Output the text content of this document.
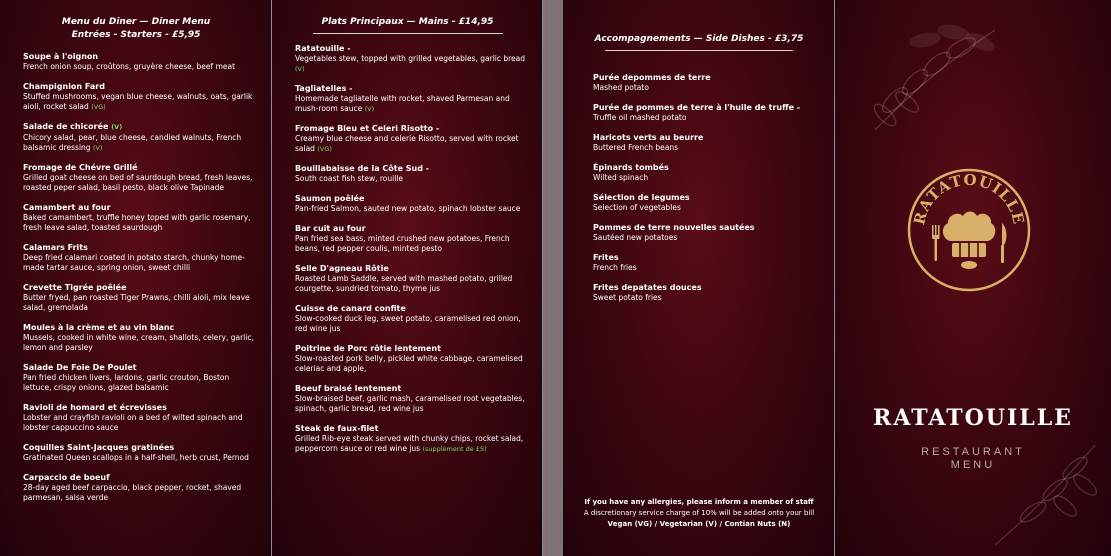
Menu du Diner — Diner Menu
Entrées - Starters - £5,95
Soupe à l'oignon
French onion soup, croûtons, gruyère cheese, beef meat
Champignion Fard
Stuffed mushrooms, vegan blue cheese, walnuts, oats, garlik aioli, rocket salad (VG)
Salade de chicorée (V)
Chicory salad, pear, blue cheese, candied walnuts, French balsamic dressing (V)
Fromage de Chévre Grillé
Grilled goat cheese on bed of saurdough bread, fresh leaves, roasted peper salad, basil pesto, black olive Tapinade
Camambert au four
Baked camambert, truffle honey toped with garlic rosemary, fresh leave salad, toasted saurdough
Calamars Frits
Deep fried calamari coated in potato starch, chunky home-made tartar sauce, spring onion, sweet chilli
Crevette Tigrée poêlée
Butter fryed, pan roasted Tiger Prawns, chilli aioli, mix leave salad, gremolada
Moules à la crème et au vin blanc
Mussels, cooked in white wine, cream, shallots, celery, garlic, lemon and parsley
Salade De Foie De Poulet
Pan fried chicken livers, lardons, garlic crouton, Boston lettuce, crispy onions, glazed balsamic
Ravioli de homard et écrevisses
Lobster and crayfish ravioli on a bed of wilted spinach and lobster cappuccino sauce
Coquilles Saint-Jacques gratinées
Gratinated Queen scallops in a half-shell, herb crust, Pernod
Carpaccio de boeuf
28-day aged beef carpaccio, black pepper, rocket, shaved parmesan, salsa verde
Plats Principaux — Mains - £14,95
Ratatouille -
Vegetables stew, topped with grilled vegetables, garlic bread (V)
Tagliatelles -
Homemade tagliatelle with rocket, shaved Parmesan and mush-room sauce (V)
Fromage Bleu et Celeri Risotto -
Creamy blue cheese and celerie Risotto, served with rocket salad (VG)
Bouillabaisse de la Côte Sud -
South coast fish stew, rouille
Saumon poêlée
Pan-fried Salmon, sauted new potato, spinach lobster sauce
Bar cuit au four
Pan fried sea bass, minted crushed new potatoes, French beans, red pepper coulis, minted pesto
Selle D'agneau Rôtie
Roasted Lamb Saddle, served with mashed potato, grilled courgette, sundried tomato, thyme jus
Cuisse de canard confite
Slow-cooked duck leg, sweet potato, caramelised red onion, red wine jus
Poitrine de Porc rôtie lentement
Slow-roasted pork belly, pickled white cabbage, caramelised celeriac and apple,
Boeuf braisé lentement
Slow-braised beef, garlic mash, caramelised root vegetables, spinach, garlic bread, red wine jus
Steak de faux-filet
Grilled Rib-eye steak served with chunky chips, rocket salad, peppercorn sauce or red wine jus (supplément de £5)
Accompagnements — Side Dishes - £3,75
Purée depommes de terre
Mashed potato
Purée de pommes de terre à l'huile de truffe -
Truffle oil mashed potato
Haricots verts au beurre
Buttered French beans
Épinards tombés
Wilted spinach
Sélection de legumes
Selection of vegetables
Pommes de terre nouvelles sautées
Sautéed new potatoes
Frites
French fries
Frites depatates douces
Sweet potato fries
If you have any allergies, please inform a member of staff
A discretionary service charge of 10% will be added onto your bill
Vegan (VG) / Vegetarian (V) / Contian Nuts (N)
RATATOUILLE
RATATOUILLE
RESTAURANT
MENU
